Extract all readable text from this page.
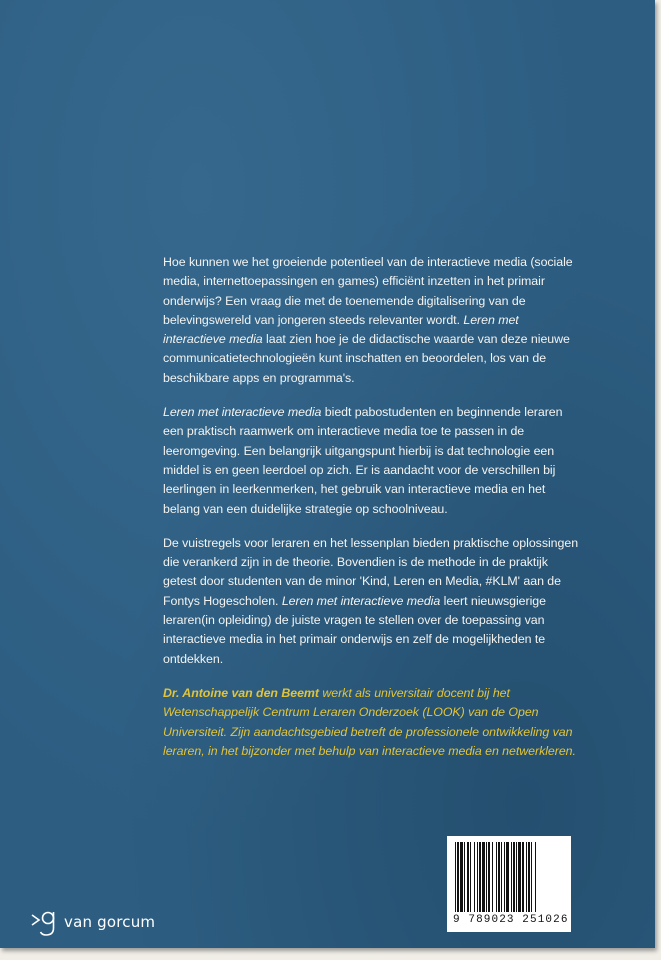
Hoe kunnen we het groeiende potentieel van de interactieve media (sociale media, internettoepassingen en games) efficiënt inzetten in het primair onderwijs? Een vraag die met de toenemende digitalisering van de belevingswereld van jongeren steeds relevanter wordt. Leren met interactieve media laat zien hoe je de didactische waarde van deze nieuwe communicatietechnologieën kunt inschatten en beoordelen, los van de beschikbare apps en programma's.

Leren met interactieve media biedt pabostudenten en beginnende leraren een praktisch raamwerk om interactieve media toe te passen in de leeromgeving. Een belangrijk uitgangspunt hierbij is dat technologie een middel is en geen leerdoel op zich. Er is aandacht voor de verschillen bij leerlingen in leerkenmerken, het gebruik van interactieve media en het belang van een duidelijke strategie op schoolniveau.

De vuistregels voor leraren en het lessenplan bieden praktische oplossingen die verankerd zijn in de theorie. Bovendien is de methode in de praktijk getest door studenten van de minor 'Kind, Leren en Media, #KLM' aan de Fontys Hogescholen. Leren met interactieve media leert nieuwsgierige leraren(in opleiding) de juiste vragen te stellen over de toepassing van interactieve media in het primair onderwijs en zelf de mogelijkheden te ontdekken.

Dr. Antoine van den Beemt werkt als universitair docent bij het Wetenschappelijk Centrum Leraren Onderzoek (LOOK) van de Open Universiteit. Zijn aandachtsgebied betreft de professionele ontwikkeling van leraren, in het bijzonder met behulp van interactieve media en netwerkleren.

9 789023 251026
van gorcum
